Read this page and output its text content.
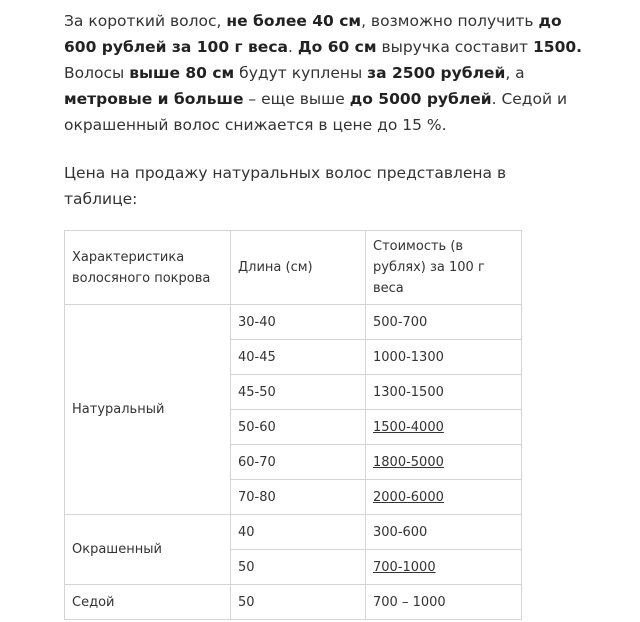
За короткий волос, не более 40 см, возможно получить до 600 рублей за 100 г веса. До 60 см выручка составит 1500. Волосы выше 80 см будут куплены за 2500 рублей, а метровые и больше – еще выше до 5000 рублей. Седой и окрашенный волос снижается в цене до 15 %.

Цена на продажу натуральных волос представлена в таблице:

Характеристика волосяного покрова	Длина (см)	Стоимость (в рублях) за 100 г веса
Натуральный	30-40	500-700
	40-45	1000-1300
	45-50	1300-1500
	50-60	1500-4000
	60-70	1800-5000
	70-80	2000-6000
Окрашенный	40	300-600
	50	700-1000
Седой	50	700 – 1000
